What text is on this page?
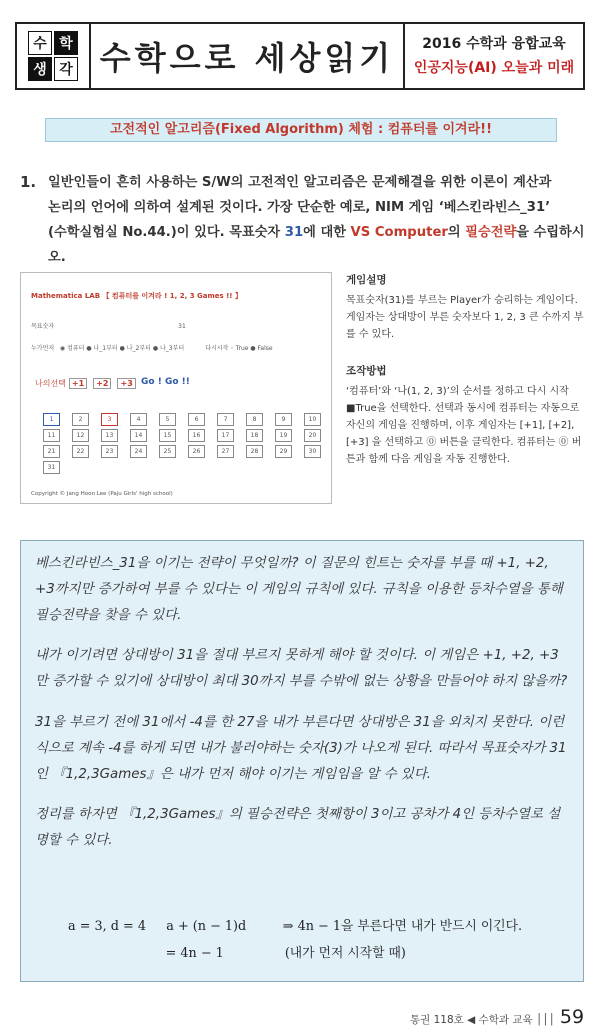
수 학
생 각 수학으로 세상읽기	2016 수학과 융합교육
인공지능(AI) 오늘과 미래
고전적인 알고리즘(Fixed Algorithm) 체험 : 컴퓨터를 이겨라!!
1. 일반인들이 흔히 사용하는 S/W의 고전적인 알고리즘은 문제해결을 위한 이론이 계산과
논리의 언어에 의하여 설계된 것이다. 가장 단순한 예로, NIM 게임 ‘베스킨라빈스_31’
(수학실험실 No.44.)이 있다. 목표숫자 31에 대한 VS Computer의 필승전략을 수립하시오.
Mathematica LAB 【 컴퓨터를 이겨라 ! 1, 2, 3 Games !! 】
목표숫자	31
누가먼저 ◉ 컴퓨터 ● 나_1부터 ● 나_2부터 ● 나_3부터	다시시작 ◦ True ● False
나의선택 +1 +2 +3 Go ! Go !!
1	2	3	4	5	6	7	8	9	10
11	12	13	14	15	16	17	18	19	20
21	22	23	24	25	26	27	28	29	30
31
Copyright © Jang Hoon Lee (Paju Girls' high school)
게임설명

목표숫자(31)를 부르는 Player가 승리하는 게임이다. 게임자는 상대방이 부른 숫자보다 1, 2, 3 큰 수까지 부를 수 있다.

조작방법

‘컴퓨터’와 ‘나(1, 2, 3)’의 순서를 정하고 다시 시작 ■True을 선택한다. 선택과 동시에 컴퓨터는 자동으로 자신의 게임을 진행하며, 이후 게임자는 [+1], [+2], [+3] 을 선택하고 ⓪ 버튼을 클릭한다. 컴퓨터는 ⓪ 버튼과 함께 다음 게임을 자동 진행한다.

베스킨라빈스_31을 이기는 전략이 무엇일까? 이 질문의 힌트는 숫자를 부를 때 +1, +2, +3까지만 증가하여 부를 수 있다는 이 게임의 규칙에 있다. 규칙을 이용한 등차수열을 통해 필승전략을 찾을 수 있다.

내가 이기려면 상대방이 31을 절대 부르지 못하게 해야 할 것이다. 이 게임은 +1, +2, +3만 증가할 수 있기에 상대방이 최대 30까지 부를 수밖에 없는 상황을 만들어야 하지 않을까?

31을 부르기 전에 31에서 -4를 한 27을 내가 부른다면 상대방은 31을 외치지 못한다. 이런 식으로 계속 -4를 하게 되면 내가 불러야하는 숫자(3)가 나오게 된다. 따라서 목표숫자가 31인 『1,2,3Games』은 내가 먼저 해야 이기는 게임임을 알 수 있다.

정리를 하자면 『1,2,3Games』의 필승전략은 첫째항이 3이고 공차가 4인 등차수열로 설명할 수 있다.

a = 3, d = 4     a + (n − 1)d         ⇒ 4n − 1을 부른다면 내가 반드시 이긴다.
= 4n − 1               (내가 먼저 시작할 때)
통권 118호 ◀ 수학과 교육 │││ 59
